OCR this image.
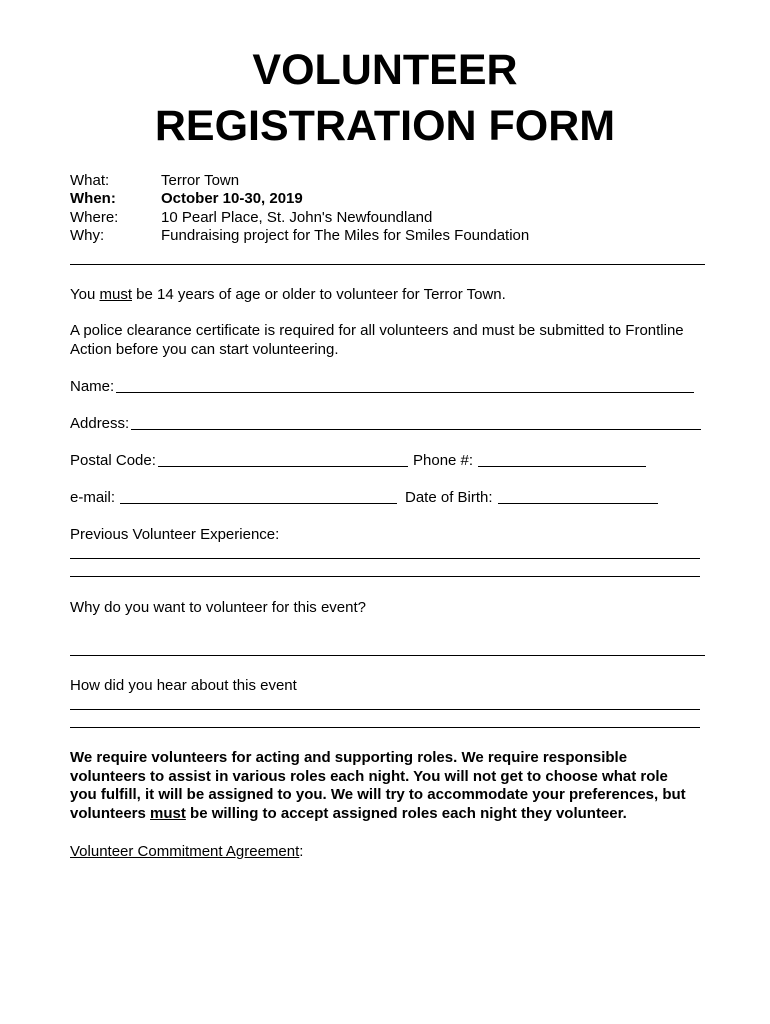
VOLUNTEER
REGISTRATION FORM
What:	Terror Town
When:	October 10-30, 2019
Where:	10 Pearl Place, St. John's Newfoundland
Why:	Fundraising project for The Miles for Smiles Foundation
You must be 14 years of age or older to volunteer for Terror Town.
A police clearance certificate is required for all volunteers and must be submitted to Frontline
Action before you can start volunteering.
Name:
Address:
Postal Code:	Phone #:
e-mail:	Date of Birth:
Previous Volunteer Experience:
Why do you want to volunteer for this event?
How did you hear about this event
We require volunteers for acting and supporting roles. We require responsible
volunteers to assist in various roles each night. You will not get to choose what role
you fulfill, it will be assigned to you. We will try to accommodate your preferences, but
volunteers must be willing to accept assigned roles each night they volunteer.
Volunteer Commitment Agreement:
